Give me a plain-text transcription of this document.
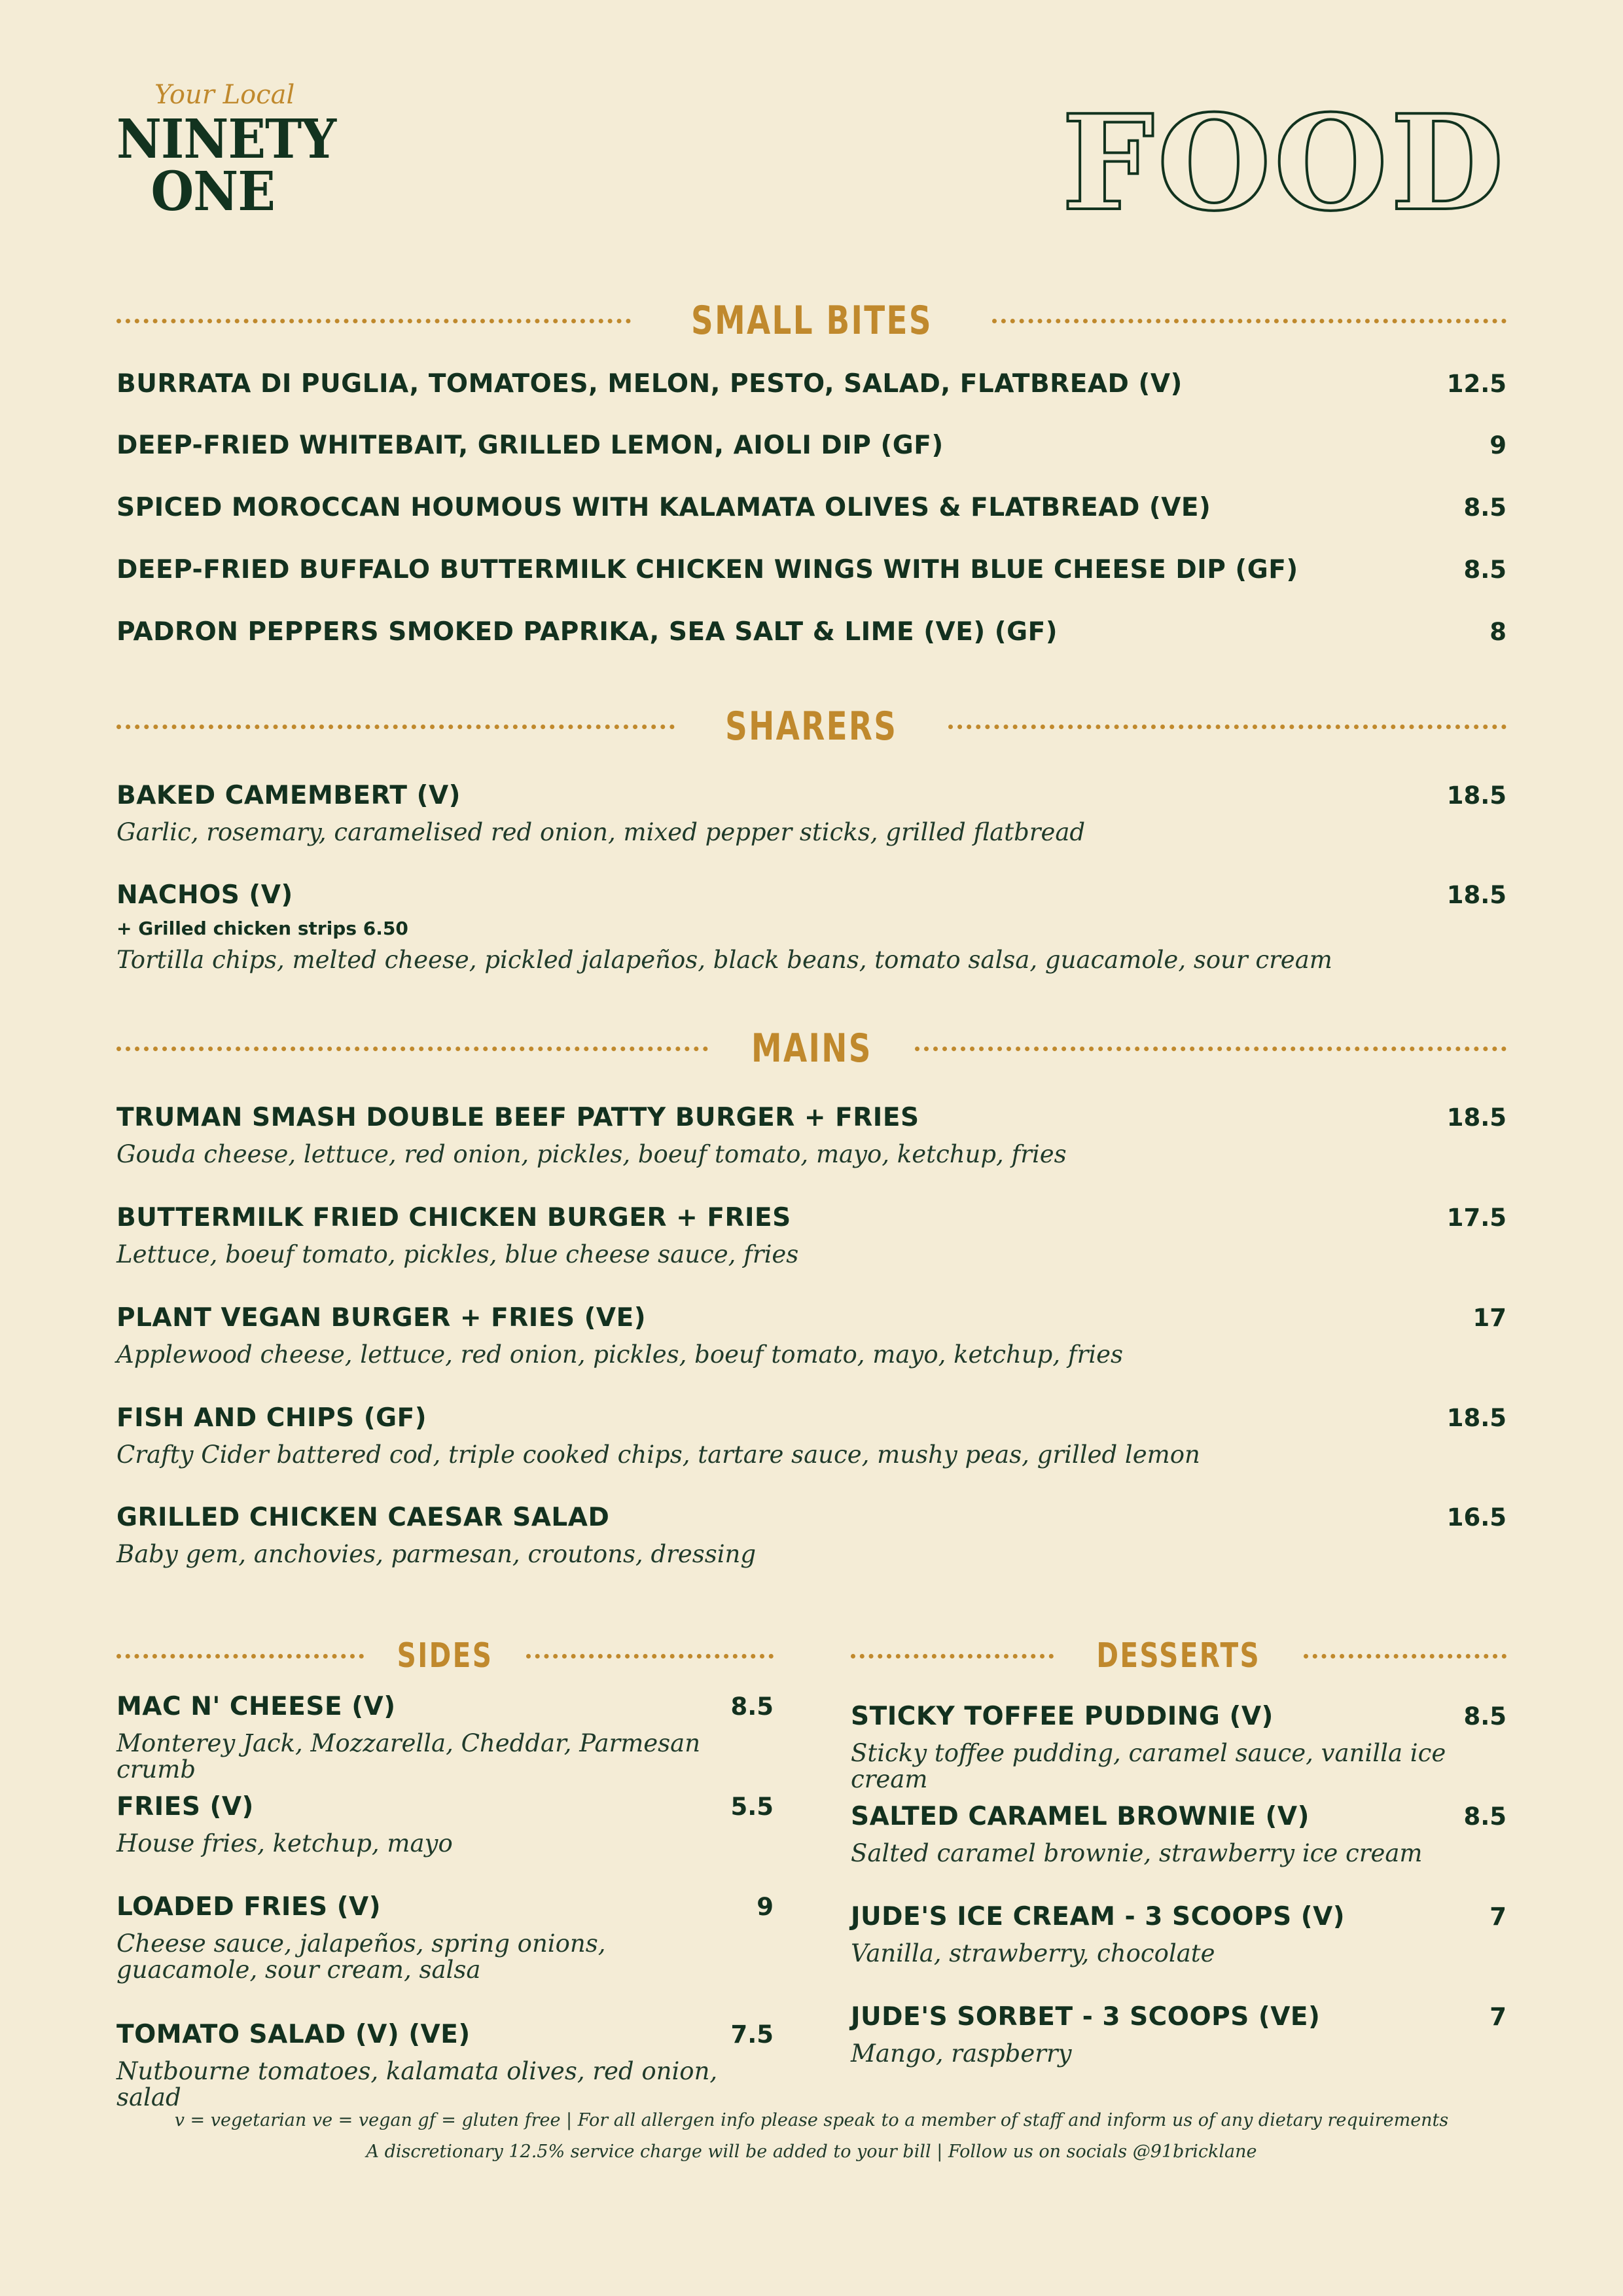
Your Local
NINETY
ONE	FOOD
SMALL BITES
BURRATA DI PUGLIA, TOMATOES, MELON, PESTO, SALAD, FLATBREAD (V)	12.5
DEEP-FRIED WHITEBAIT, GRILLED LEMON, AIOLI DIP (GF)	9
SPICED MOROCCAN HOUMOUS WITH KALAMATA OLIVES & FLATBREAD (VE)	8.5
DEEP-FRIED BUFFALO BUTTERMILK CHICKEN WINGS WITH BLUE CHEESE DIP (GF)	8.5
PADRON PEPPERS SMOKED PAPRIKA, SEA SALT & LIME (VE) (GF)	8
SHARERS
BAKED CAMEMBERT (V)	18.5
Garlic, rosemary, caramelised red onion, mixed pepper sticks, grilled flatbread
NACHOS (V)	18.5
+ Grilled chicken strips 6.50
Tortilla chips, melted cheese, pickled jalapeños, black beans, tomato salsa, guacamole, sour cream
MAINS
TRUMAN SMASH DOUBLE BEEF PATTY BURGER + FRIES	18.5
Gouda cheese, lettuce, red onion, pickles, boeuf tomato, mayo, ketchup, fries
BUTTERMILK FRIED CHICKEN BURGER + FRIES	17.5
Lettuce, boeuf tomato, pickles, blue cheese sauce, fries
PLANT VEGAN BURGER + FRIES (VE)	17
Applewood cheese, lettuce, red onion, pickles, boeuf tomato, mayo, ketchup, fries
FISH AND CHIPS (GF)	18.5
Crafty Cider battered cod, triple cooked chips, tartare sauce, mushy peas, grilled lemon
GRILLED CHICKEN CAESAR SALAD	16.5
Baby gem, anchovies, parmesan, croutons, dressing
SIDES
MAC N' CHEESE (V)	8.5
Monterey Jack, Mozzarella, Cheddar, Parmesan crumb
FRIES (V)	5.5
House fries, ketchup, mayo
LOADED FRIES (V)	9
Cheese sauce, jalapeños, spring onions, guacamole, sour cream, salsa
TOMATO SALAD (V) (VE)	7.5
Nutbourne tomatoes, kalamata olives, red onion, salad
DESSERTS
STICKY TOFFEE PUDDING (V)	8.5
Sticky toffee pudding, caramel sauce, vanilla ice cream
SALTED CARAMEL BROWNIE (V)	8.5
Salted caramel brownie, strawberry ice cream
JUDE'S ICE CREAM - 3 SCOOPS (V)	7
Vanilla, strawberry, chocolate
JUDE'S SORBET - 3 SCOOPS (VE)	7
Mango, raspberry
v = vegetarian ve = vegan gf = gluten free | For all allergen info please speak to a member of staff and inform us of any dietary requirements
A discretionary 12.5% service charge will be added to your bill | Follow us on socials @91bricklane
